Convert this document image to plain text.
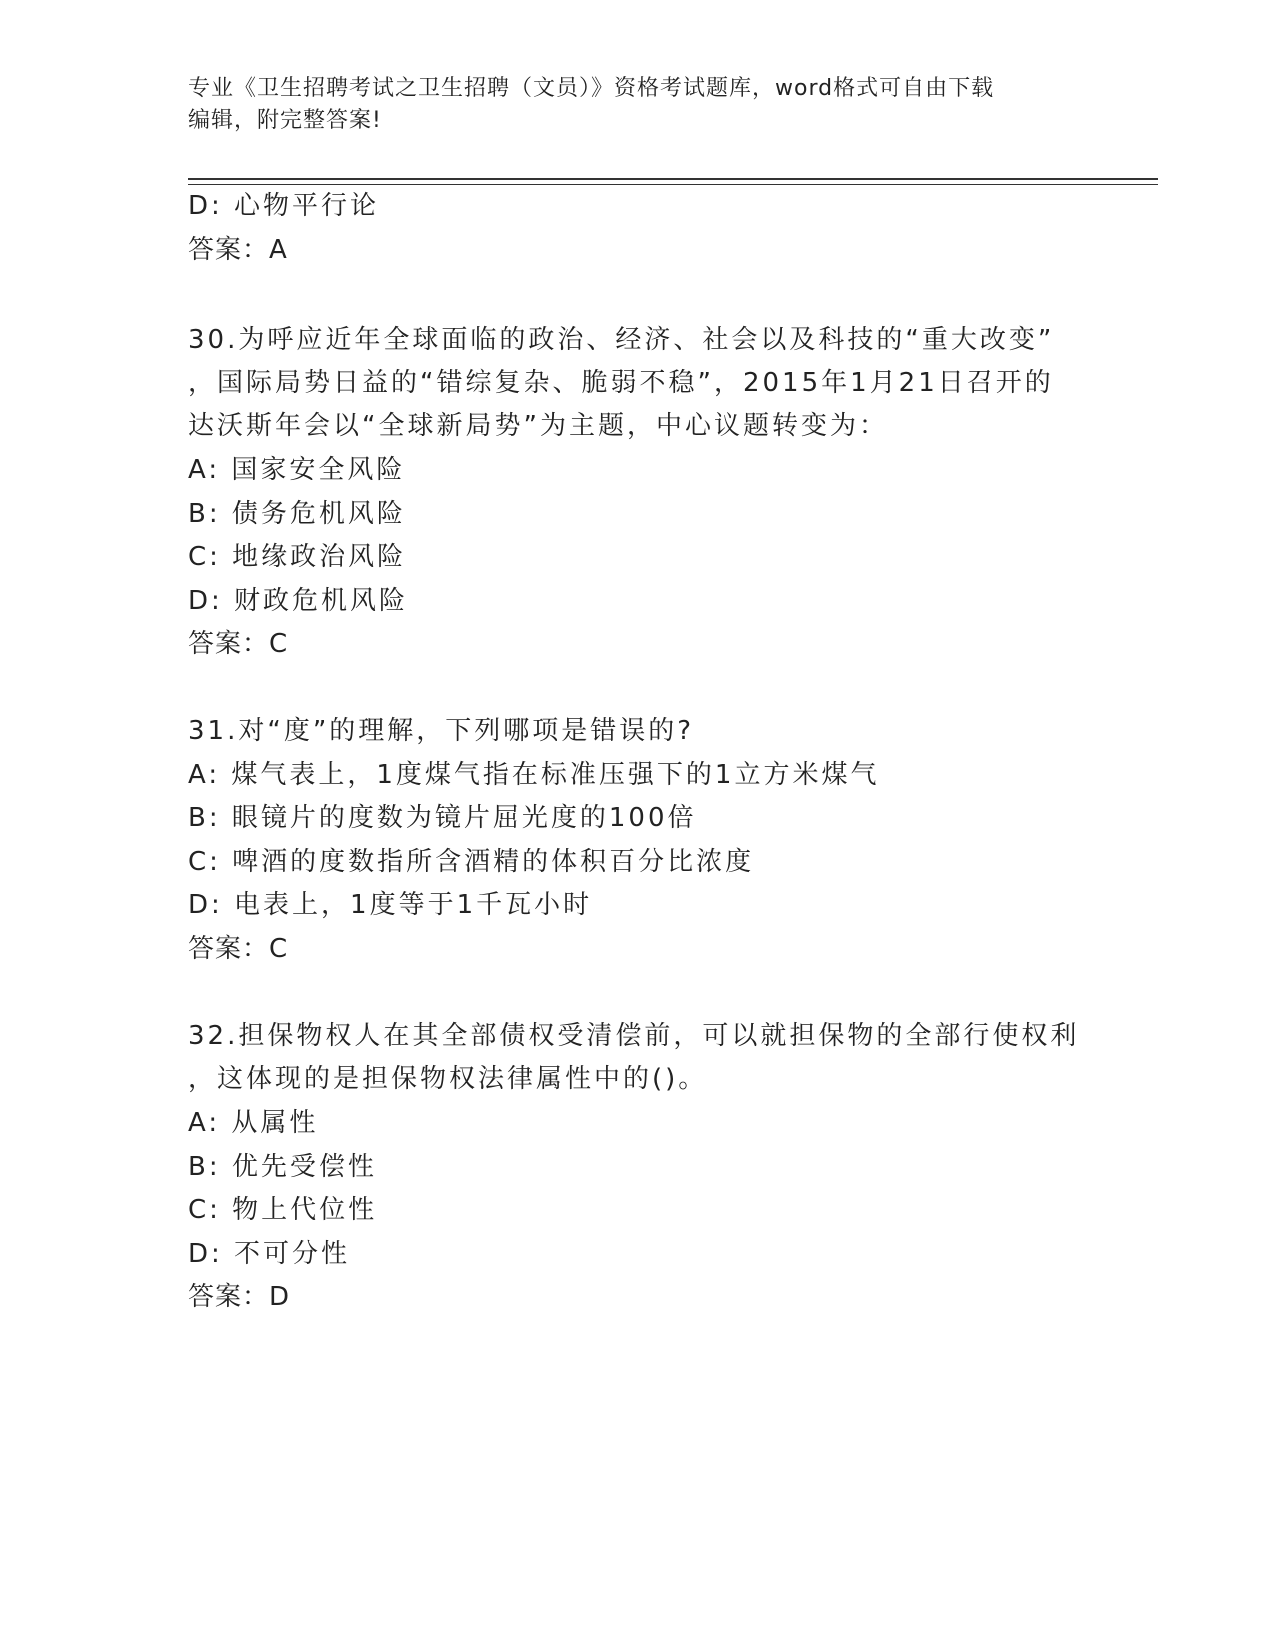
专业《卫生招聘考试之卫生招聘（文员）》资格考试题库，word格式可自由下载
编辑，附完整答案!
D: 心物平行论
答案：A
30.为呼应近年全球面临的政治、经济、社会以及科技的“重大改变”
，国际局势日益的“错综复杂、脆弱不稳”，2015年1月21日召开的
达沃斯年会以“全球新局势”为主题，中心议题转变为：
A: 国家安全风险
B: 债务危机风险
C: 地缘政治风险
D: 财政危机风险
答案：C
31.对“度”的理解，下列哪项是错误的?
A: 煤气表上，1度煤气指在标准压强下的1立方米煤气
B: 眼镜片的度数为镜片屈光度的100倍
C: 啤酒的度数指所含酒精的体积百分比浓度
D: 电表上，1度等于1千瓦小时
答案：C
32.担保物权人在其全部债权受清偿前，可以就担保物的全部行使权利
，这体现的是担保物权法律属性中的()。
A: 从属性
B: 优先受偿性
C: 物上代位性
D: 不可分性
答案：D
